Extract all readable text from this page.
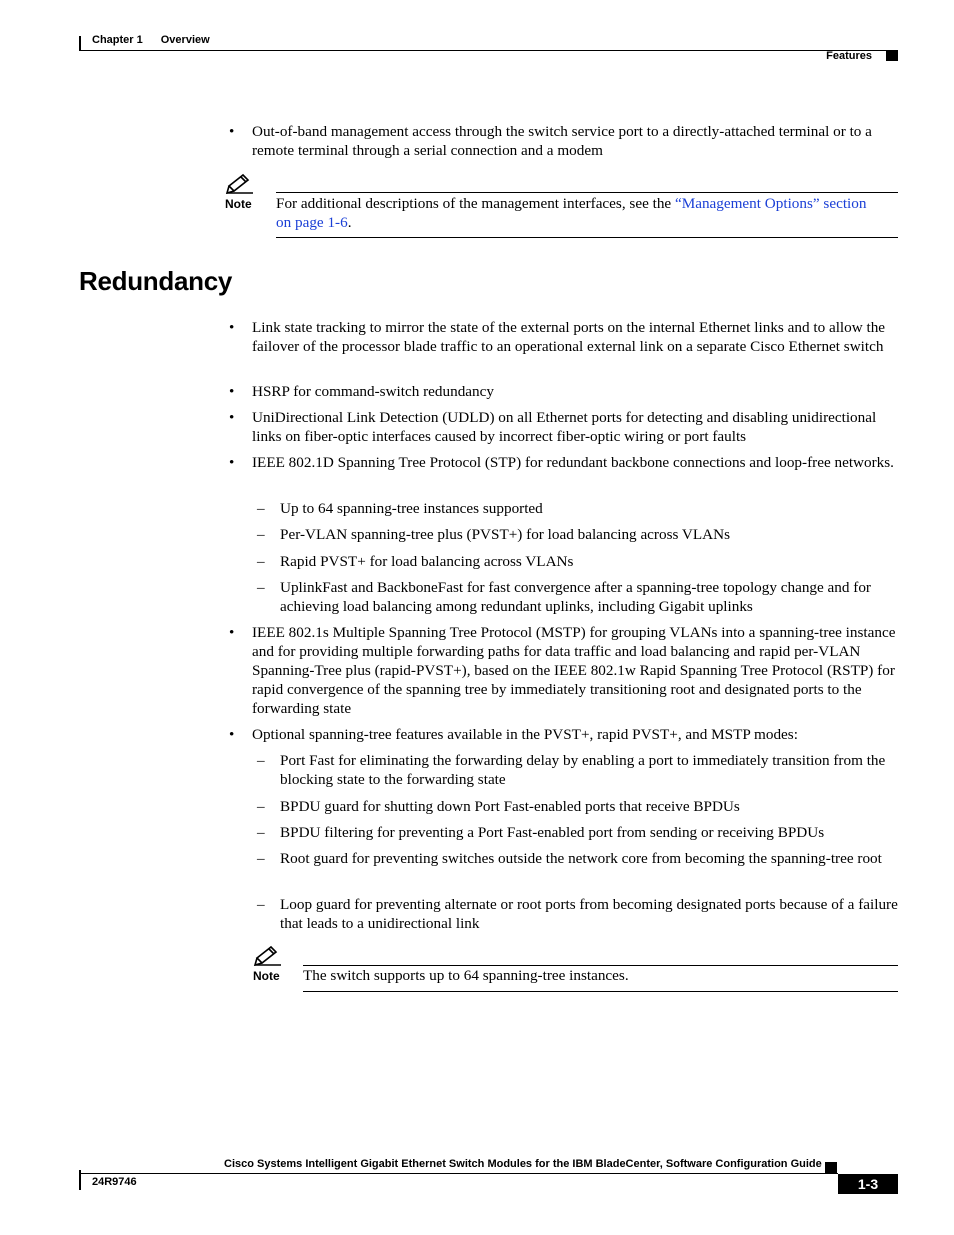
Chapter 1 Overview
Features
• Out-of-band management access through the switch service port to a directly-attached terminal or to a remote terminal through a serial connection and a modem
Note For additional descriptions of the management interfaces, see the “Management Options” section on page 1-6.
Redundancy
• Link state tracking to mirror the state of the external ports on the internal Ethernet links and to allow the failover of the processor blade traffic to an operational external link on a separate Cisco Ethernet switch
• HSRP for command-switch redundancy
• UniDirectional Link Detection (UDLD) on all Ethernet ports for detecting and disabling unidirectional links on fiber-optic interfaces caused by incorrect fiber-optic wiring or port faults
• IEEE 802.1D Spanning Tree Protocol (STP) for redundant backbone connections and loop-free networks.
– Up to 64 spanning-tree instances supported
– Per-VLAN spanning-tree plus (PVST+) for load balancing across VLANs
– Rapid PVST+ for load balancing across VLANs
– UplinkFast and BackboneFast for fast convergence after a spanning-tree topology change and for achieving load balancing among redundant uplinks, including Gigabit uplinks
• IEEE 802.1s Multiple Spanning Tree Protocol (MSTP) for grouping VLANs into a spanning-tree instance and for providing multiple forwarding paths for data traffic and load balancing and rapid per-VLAN Spanning-Tree plus (rapid-PVST+), based on the IEEE 802.1w Rapid Spanning Tree Protocol (RSTP) for rapid convergence of the spanning tree by immediately transitioning root and designated ports to the forwarding state
• Optional spanning-tree features available in the PVST+, rapid PVST+, and MSTP modes:
– Port Fast for eliminating the forwarding delay by enabling a port to immediately transition from the blocking state to the forwarding state
– BPDU guard for shutting down Port Fast-enabled ports that receive BPDUs
– BPDU filtering for preventing a Port Fast-enabled port from sending or receiving BPDUs
– Root guard for preventing switches outside the network core from becoming the spanning-tree root
– Loop guard for preventing alternate or root ports from becoming designated ports because of a failure that leads to a unidirectional link
Note The switch supports up to 64 spanning-tree instances.
Cisco Systems Intelligent Gigabit Ethernet Switch Modules for the IBM BladeCenter, Software Configuration Guide
24R9746	1-3
